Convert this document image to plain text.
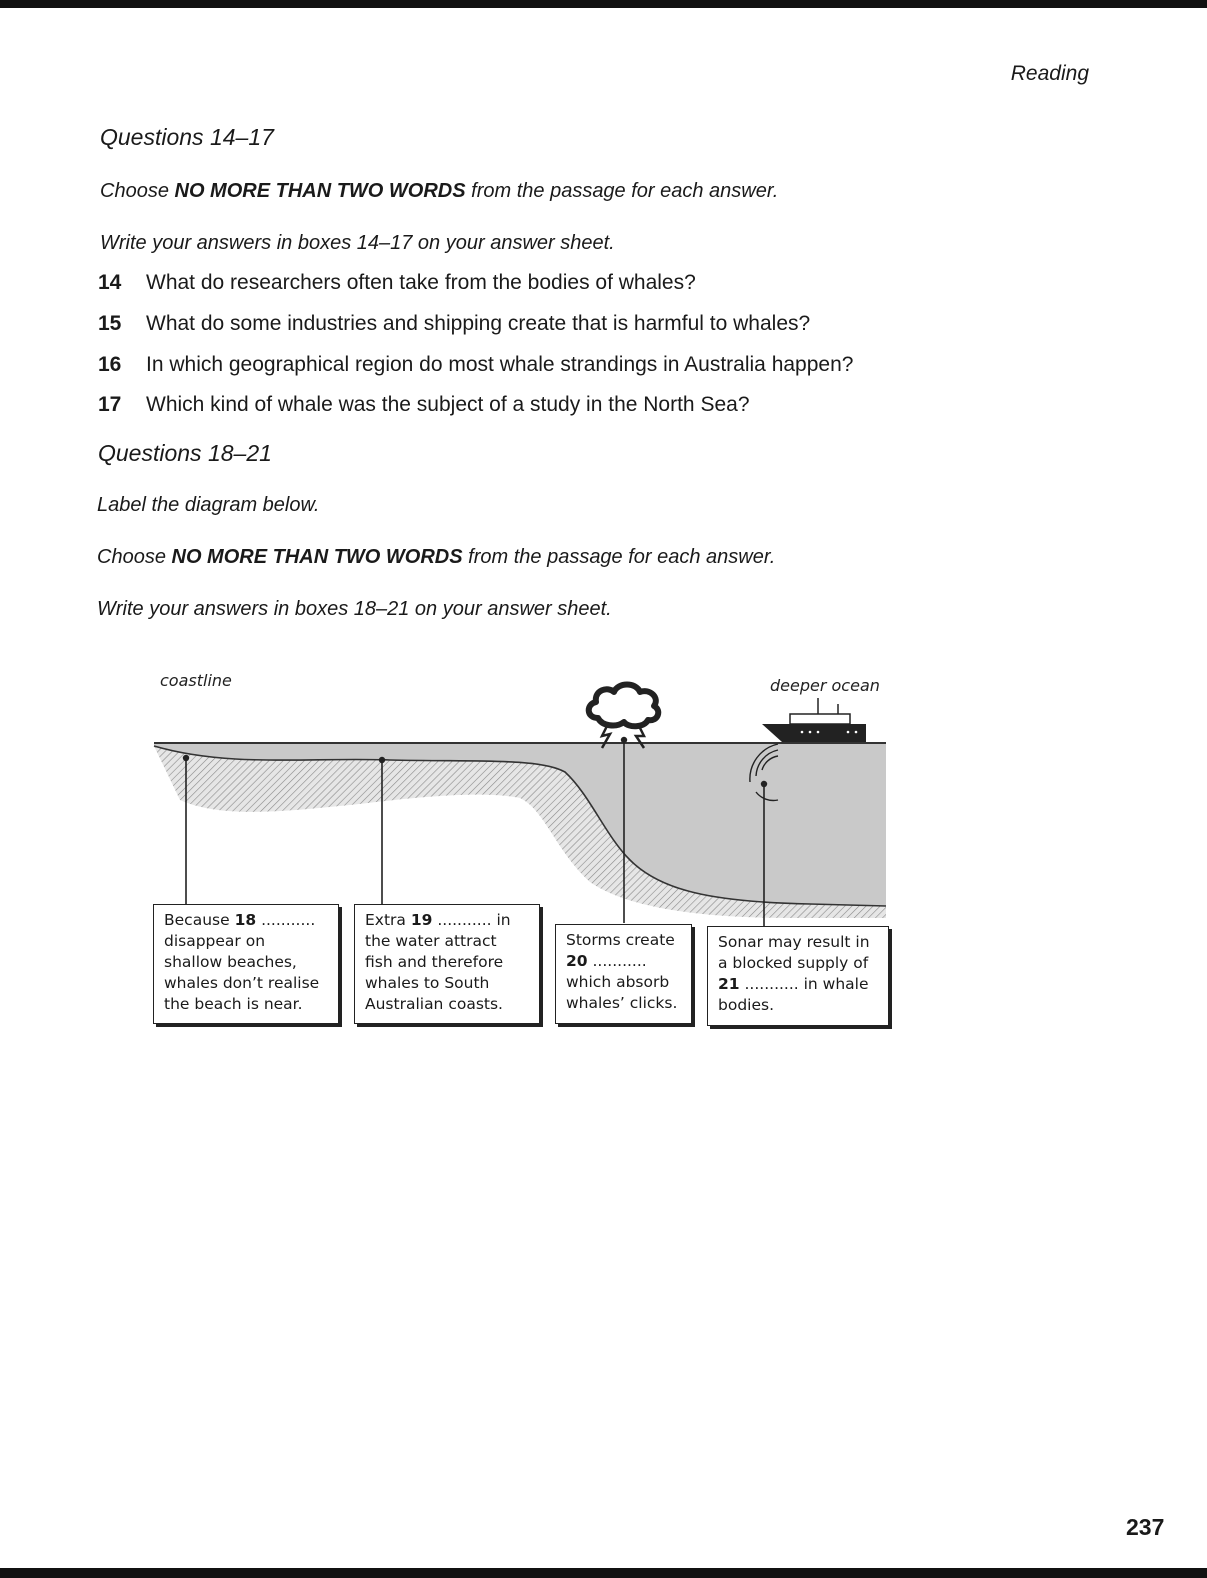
Reading
Questions 14–17

Choose NO MORE THAN TWO WORDS from the passage for each answer.

Write your answers in boxes 14–17 on your answer sheet.

14	What do researchers often take from the bodies of whales?
15	What do some industries and shipping create that is harmful to whales?
16	In which geographical region do most whale strandings in Australia happen?
17	Which kind of whale was the subject of a study in the North Sea?
Questions 18–21

Label the diagram below.

Choose NO MORE THAN TWO WORDS from the passage for each answer.

Write your answers in boxes 18–21 on your answer sheet.

coastline	deeper ocean
Because 18 ...........
disappear on
shallow beaches,
whales don’t realise
the beach is near.
Extra 19 ........... in
the water attract
fish and therefore
whales to South
Australian coasts.
Storms create
20 ...........
which absorb
whales’ clicks.
Sonar may result in
a blocked supply of
21 ........... in whale
bodies.
237
